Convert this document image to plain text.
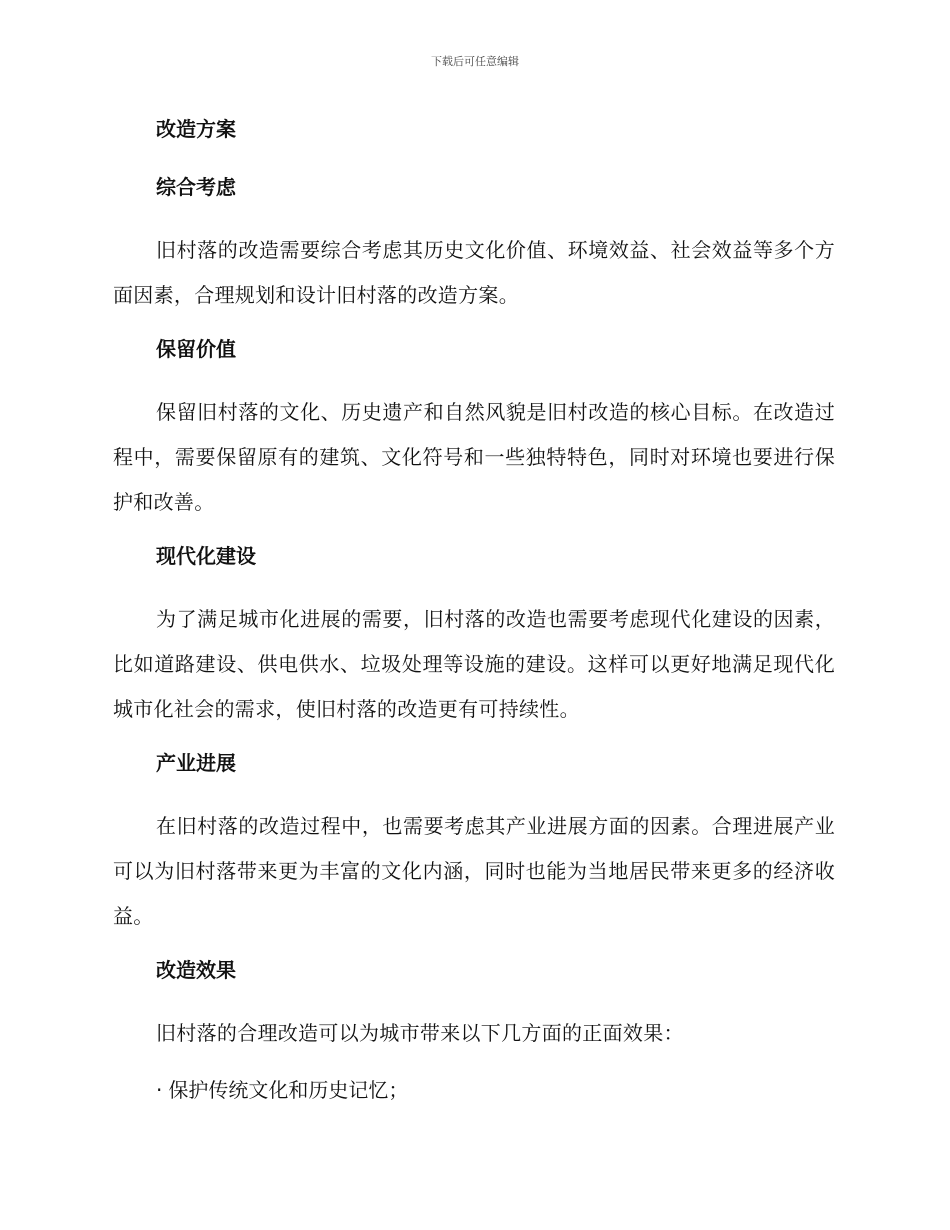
下载后可任意编辑
改造方案
综合考虑
旧村落的改造需要综合考虑其历史文化价值、环境效益、社会效益等多个方面因素，合理规划和设计旧村落的改造方案。
保留价值
保留旧村落的文化、历史遗产和自然风貌是旧村改造的核心目标。在改造过程中，需要保留原有的建筑、文化符号和一些独特特色，同时对环境也要进行保护和改善。
现代化建设
为了满足城市化进展的需要，旧村落的改造也需要考虑现代化建设的因素，比如道路建设、供电供水、垃圾处理等设施的建设。这样可以更好地满足现代化城市化社会的需求，使旧村落的改造更有可持续性。
产业进展
在旧村落的改造过程中，也需要考虑其产业进展方面的因素。合理进展产业可以为旧村落带来更为丰富的文化内涵，同时也能为当地居民带来更多的经济收益。
改造效果
旧村落的合理改造可以为城市带来以下几方面的正面效果：
· 保护传统文化和历史记忆；
